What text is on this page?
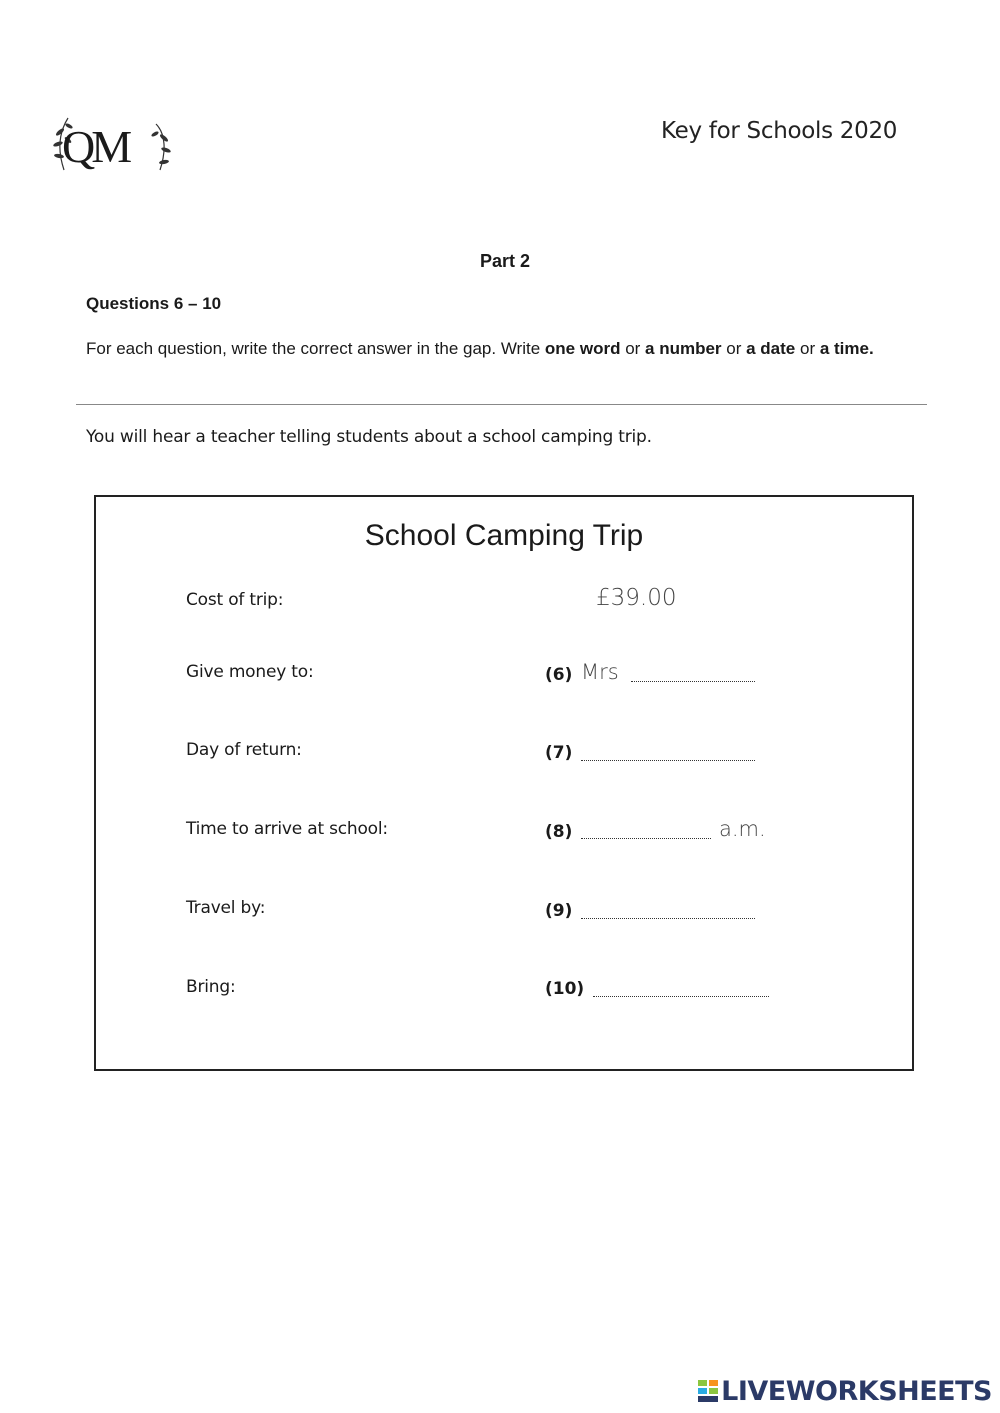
QM	Key for Schools 2020
Part 2
Questions 6 – 10
For each question, write the correct answer in the gap. Write one word or a number or a date or a time.
You will hear a teacher telling students about a school camping trip.
School Camping Trip
Cost of trip:	£39.00
Give money to:	(6) Mrs
Day of return:	(7)
Time to arrive at school:	(8)	a.m.
Travel by:	(9)
Bring:	(10)
LIVEWORKSHEETS
